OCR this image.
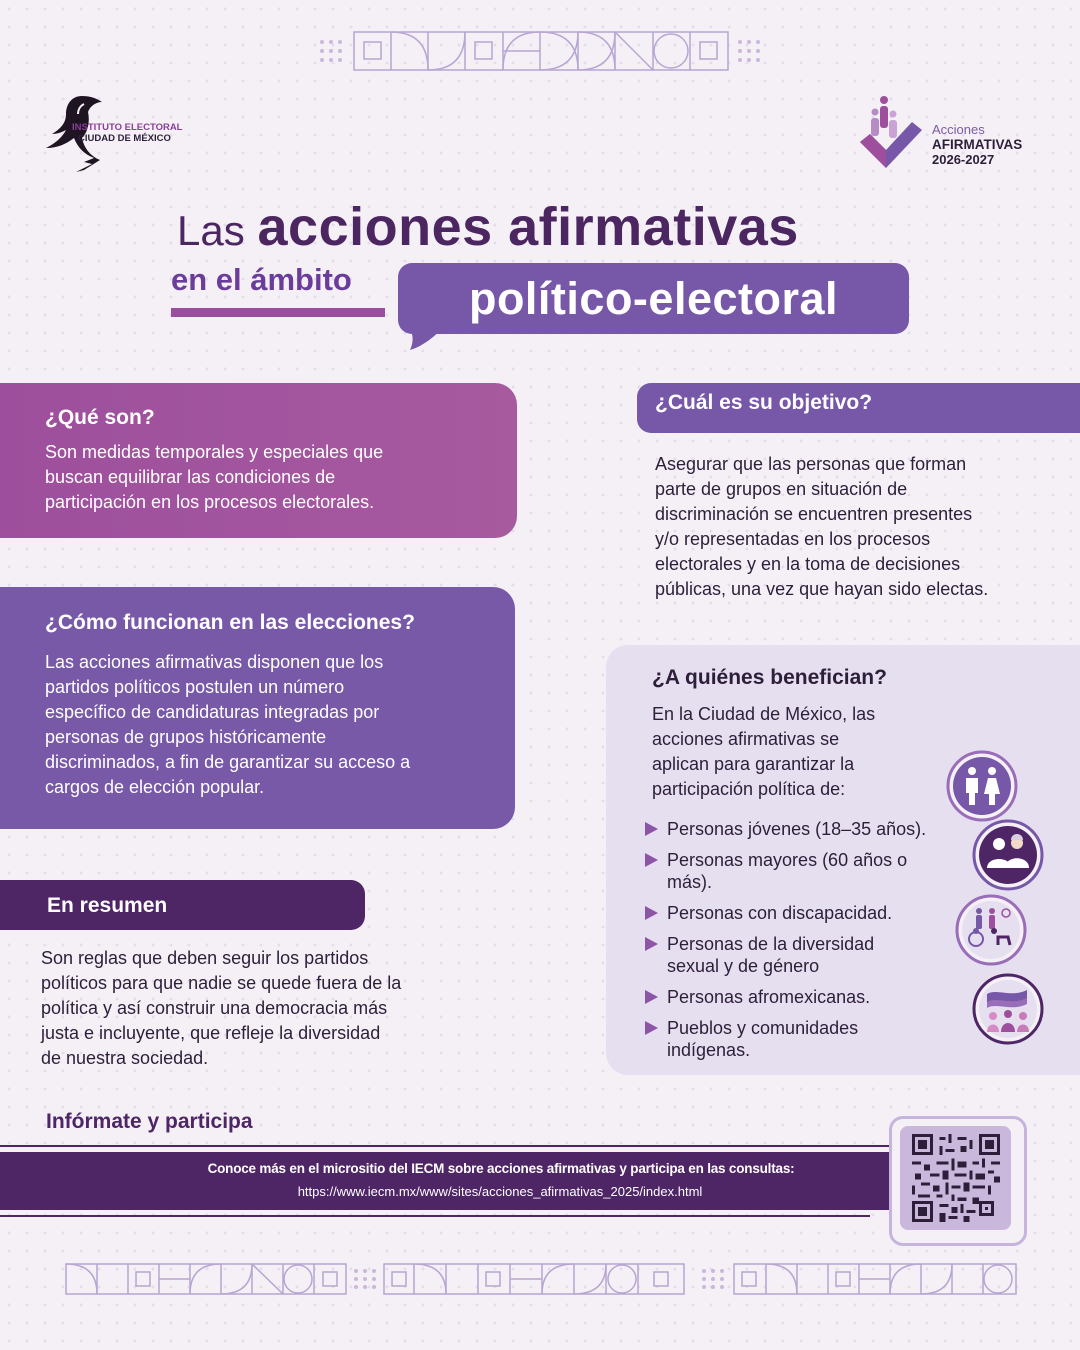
INSTITUTO ELECTORAL
CIUDAD DE MÉXICO
Acciones
AFIRMATIVAS
2026-2027
Las acciones afirmativas
en el ámbito	político-electoral
¿Qué son?
Son medidas temporales y especiales que
buscan equilibrar las condiciones de
participación en los procesos electorales.
¿Cuál es su objetivo?
Asegurar que las personas que forman
parte de grupos en situación de
discriminación se encuentren presentes
y/o representadas en los procesos
electorales y en la toma de decisiones
públicas, una vez que hayan sido electas.
¿Cómo funcionan en las elecciones?
Las acciones afirmativas disponen que los
partidos políticos postulen un número
específico de candidaturas integradas por
personas de grupos históricamente
discriminados, a fin de garantizar su acceso a
cargos de elección popular.
¿A quiénes benefician?
En la Ciudad de México, las
acciones afirmativas se
aplican para garantizar la
participación política de:
Personas jóvenes (18–35 años).
Personas mayores (60 años o
más).
Personas con discapacidad.
Personas de la diversidad
sexual y de género
Personas afromexicanas.
Pueblos y comunidades
indígenas.
En resumen
Son reglas que deben seguir los partidos
políticos para que nadie se quede fuera de la
política y así construir una democracia más
justa e incluyente, que refleje la diversidad
de nuestra sociedad.
Infórmate y participa
Conoce más en el micrositio del IECM sobre acciones afirmativas y participa en las consultas:
https://www.iecm.mx/www/sites/acciones_afirmativas_2025/index.html
